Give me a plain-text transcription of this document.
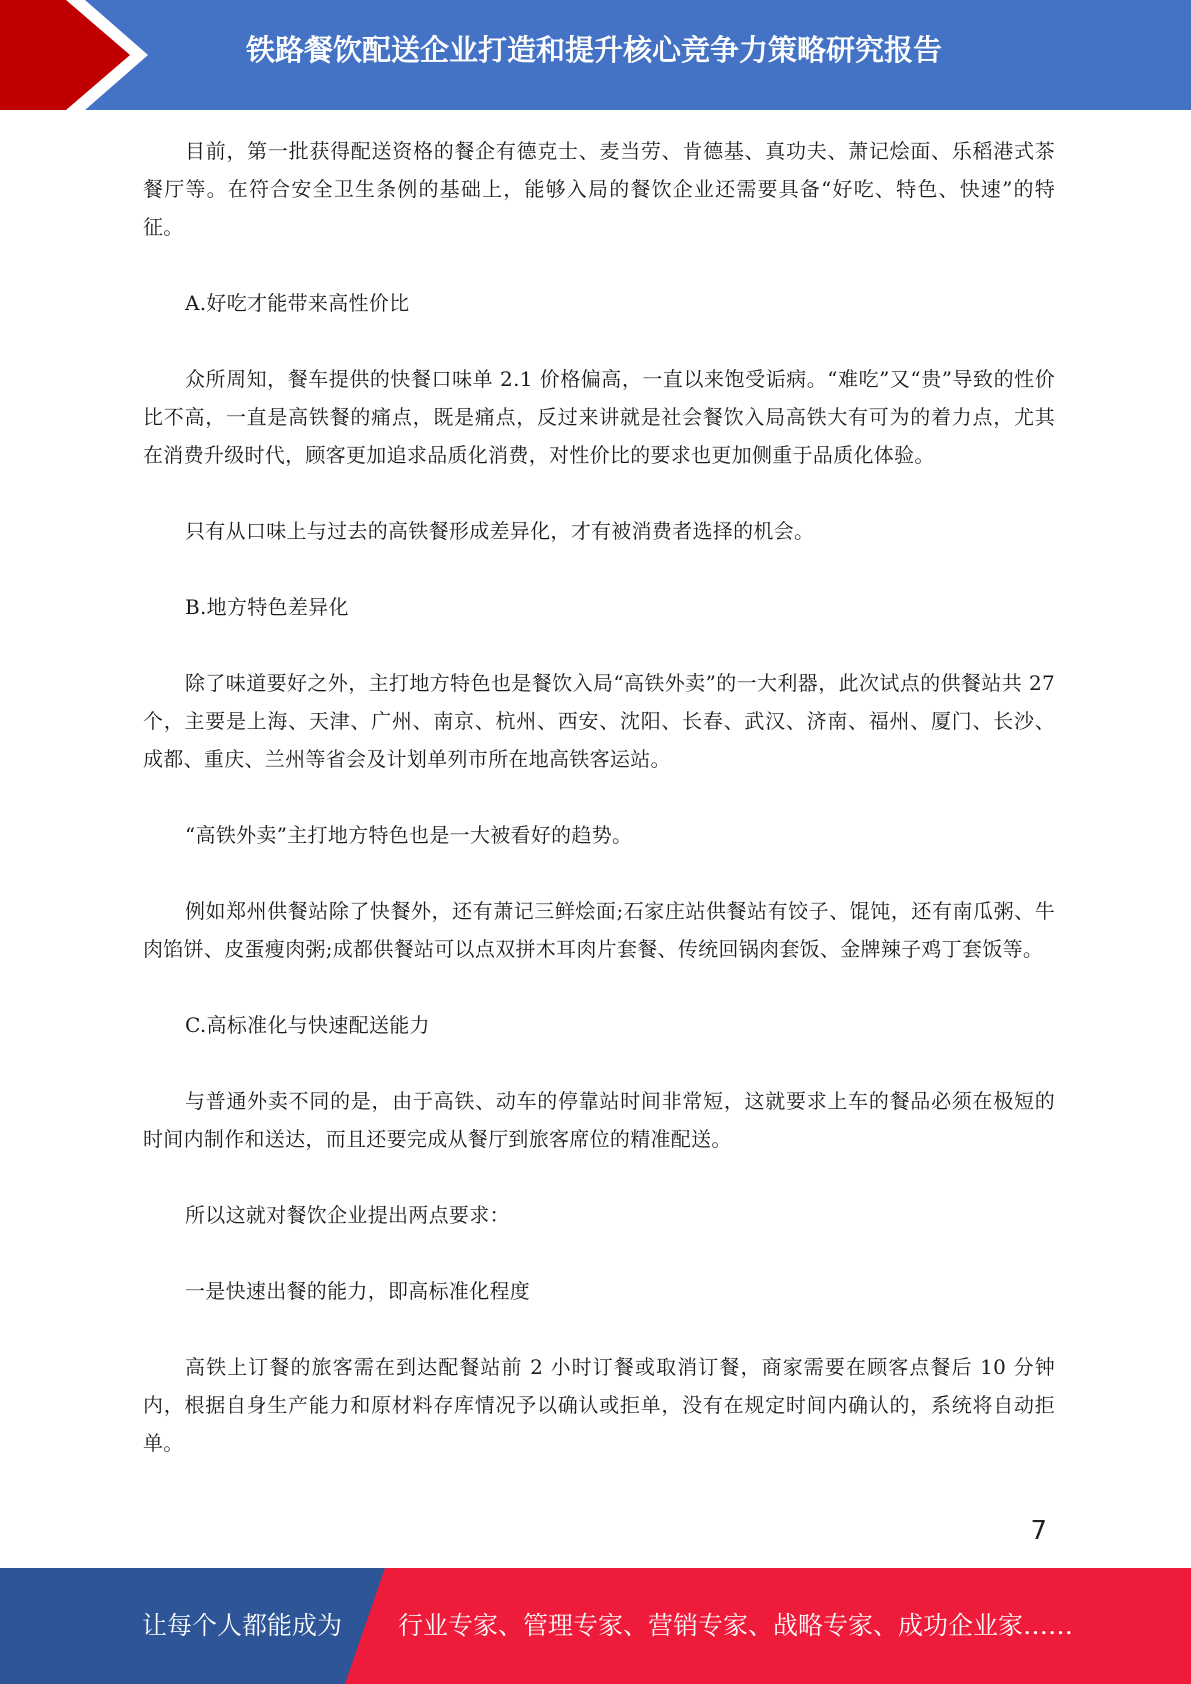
铁路餐饮配送企业打造和提升核心竞争力策略研究报告

目前，第一批获得配送资格的餐企有德克士、麦当劳、肯德基、真功夫、萧记烩面、乐稻港式茶餐厅等。在符合安全卫生条例的基础上，能够入局的餐饮企业还需要具备“好吃、特色、快速”的特征。

A.好吃才能带来高性价比

众所周知，餐车提供的快餐口味单 2.1 价格偏高，一直以来饱受诟病。“难吃”又“贵”导致的性价比不高，一直是高铁餐的痛点，既是痛点，反过来讲就是社会餐饮入局高铁大有可为的着力点，尤其在消费升级时代，顾客更加追求品质化消费，对性价比的要求也更加侧重于品质化体验。

只有从口味上与过去的高铁餐形成差异化，才有被消费者选择的机会。

B.地方特色差异化

除了味道要好之外，主打地方特色也是餐饮入局“高铁外卖”的一大利器，此次试点的供餐站共 27 个，主要是上海、天津、广州、南京、杭州、西安、沈阳、长春、武汉、济南、福州、厦门、长沙、成都、重庆、兰州等省会及计划单列市所在地高铁客运站。

“高铁外卖”主打地方特色也是一大被看好的趋势。

例如郑州供餐站除了快餐外，还有萧记三鲜烩面;石家庄站供餐站有饺子、馄饨，还有南瓜粥、牛肉馅饼、皮蛋瘦肉粥;成都供餐站可以点双拼木耳肉片套餐、传统回锅肉套饭、金牌辣子鸡丁套饭等。

C.高标准化与快速配送能力

与普通外卖不同的是，由于高铁、动车的停靠站时间非常短，这就要求上车的餐品必须在极短的时间内制作和送达，而且还要完成从餐厅到旅客席位的精准配送。

所以这就对餐饮企业提出两点要求：

一是快速出餐的能力，即高标准化程度

高铁上订餐的旅客需在到达配餐站前 2 小时订餐或取消订餐，商家需要在顾客点餐后 10 分钟内，根据自身生产能力和原材料存库情况予以确认或拒单，没有在规定时间内确认的，系统将自动拒单。

7
让每个人都能成为 行业专家、管理专家、营销专家、战略专家、成功企业家……
